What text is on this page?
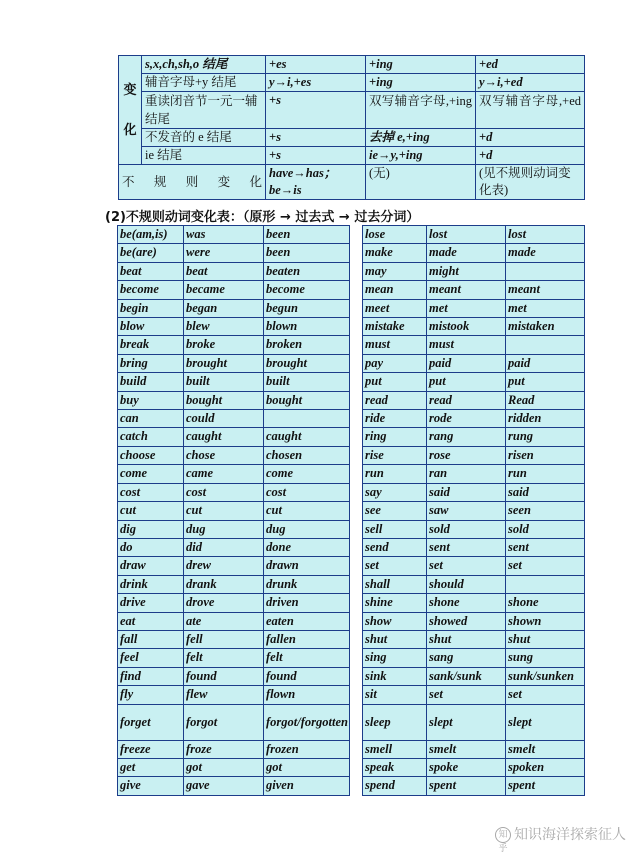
变化	s,x,ch,sh,o 结尾	+es	+ing	+ed
	辅音字母+y 结尾	y→i,+es	+ing	y→i,+ed
	重读闭音节一元一辅结尾	+s	双写辅音字母,+ing	双写辅音字母,+ed
	不发音的 e 结尾	+s	去掉 e,+ing	+d
	ie 结尾	+s	ie→y,+ing	+d
不规则变化		have→has；be→is	(无)	(见不规则动词变化表)
(2)不规则动词变化表：（原形 → 过去式 → 过去分词）
be(am,is)	was	been
be(are)	were	been
beat	beat	beaten
become	became	become
begin	began	begun
blow	blew	blown
break	broke	broken
bring	brought	brought
build	built	built
buy	bought	bought
can	could	
catch	caught	caught
choose	chose	chosen
come	came	come
cost	cost	cost
cut	cut	cut
dig	dug	dug
do	did	done
draw	drew	drawn
drink	drank	drunk
drive	drove	driven
eat	ate	eaten
fall	fell	fallen
feel	felt	felt
find	found	found
fly	flew	flown
forget	forgot	forgot/forgotten
freeze	froze	frozen
get	got	got
give	gave	given
lose	lost	lost
make	made	made
may	might	
mean	meant	meant
meet	met	met
mistake	mistook	mistaken
must	must	
pay	paid	paid
put	put	put
read	read	Read
ride	rode	ridden
ring	rang	rung
rise	rose	risen
run	ran	run
say	said	said
see	saw	seen
sell	sold	sold
send	sent	sent
set	set	set
shall	should	
shine	shone	shone
show	showed	shown
shut	shut	shut
sing	sang	sung
sink	sank/sunk	sunk/sunken
sit	set	set
sleep	slept	slept
smell	smelt	smelt
speak	spoke	spoken
spend	spent	spent
知乎知识海洋探索征人
